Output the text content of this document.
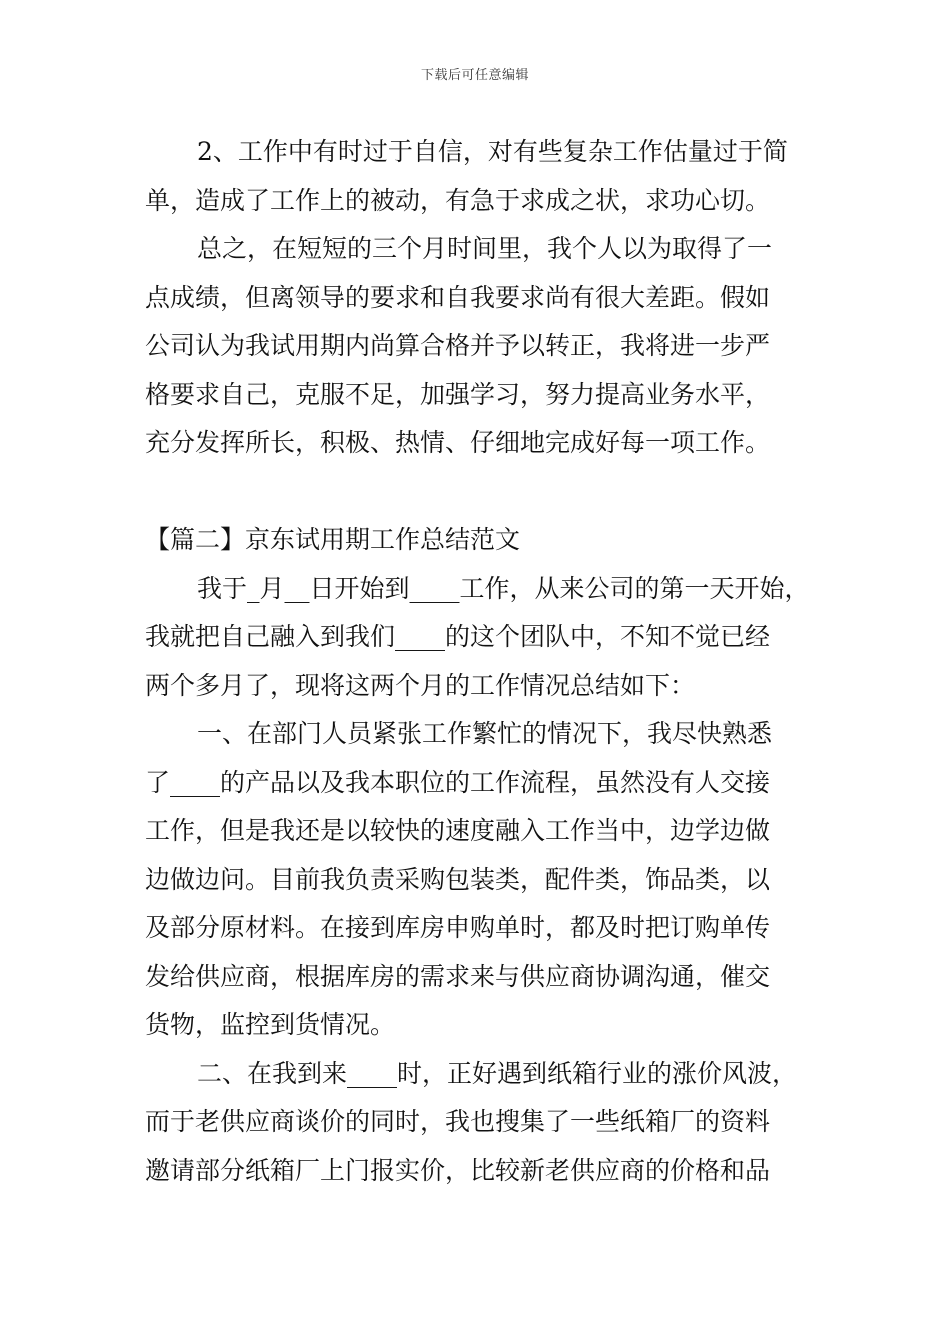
下载后可任意编辑
2、工作中有时过于自信，对有些复杂工作估量过于简
单，造成了工作上的被动，有急于求成之状，求功心切。
总之，在短短的三个月时间里，我个人以为取得了一
点成绩，但离领导的要求和自我要求尚有很大差距。假如
公司认为我试用期内尚算合格并予以转正，我将进一步严
格要求自己，克服不足，加强学习，努力提高业务水平，
充分发挥所长，积极、热情、仔细地完成好每一项工作。
【篇二】京东试用期工作总结范文
我于_月__日开始到____工作，从来公司的第一天开始，
我就把自己融入到我们____的这个团队中，不知不觉已经
两个多月了，现将这两个月的工作情况总结如下：
一、在部门人员紧张工作繁忙的情况下，我尽快熟悉
了____的产品以及我本职位的工作流程，虽然没有人交接
工作，但是我还是以较快的速度融入工作当中，边学边做
边做边问。目前我负责采购包装类，配件类，饰品类，以
及部分原材料。在接到库房申购单时，都及时把订购单传
发给供应商，根据库房的需求来与供应商协调沟通，催交
货物，监控到货情况。
二、在我到来____时，正好遇到纸箱行业的涨价风波，
而于老供应商谈价的同时，我也搜集了一些纸箱厂的资料
邀请部分纸箱厂上门报实价，比较新老供应商的价格和品
